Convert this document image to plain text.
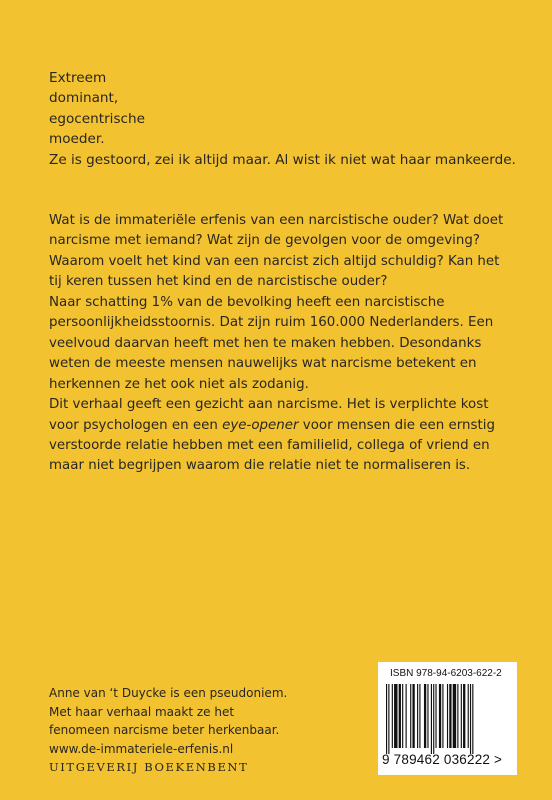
Extreem
dominant,
egocentrische
moeder.
Ze is gestoord, zei ik altijd maar. Al wist ik niet wat haar mankeerde.
Wat is de immateriële erfenis van een narcistische ouder? Wat doet
narcisme met iemand? Wat zijn de gevolgen voor de omgeving?
Waarom voelt het kind van een narcist zich altijd schuldig? Kan het
tij keren tussen het kind en de narcistische ouder?
Naar schatting 1% van de bevolking heeft een narcistische
persoonlijkheidsstoornis. Dat zijn ruim 160.000 Nederlanders. Een
veelvoud daarvan heeft met hen te maken hebben. Desondanks
weten de meeste mensen nauwelijks wat narcisme betekent en
herkennen ze het ook niet als zodanig.
Dit verhaal geeft een gezicht aan narcisme. Het is verplichte kost
voor psychologen en een eye-opener voor mensen die een ernstig
verstoorde relatie hebben met een familielid, collega of vriend en
maar niet begrijpen waarom die relatie niet te normaliseren is.
Anne van ‘t Duycke is een pseudoniem.
Met haar verhaal maakt ze het
fenomeen narcisme beter herkenbaar.
www.de-immateriele-erfenis.nl
UITGEVERIJ BOEKENBENT
ISBN 978-94-6203-622-2
9 789462 036222 >
